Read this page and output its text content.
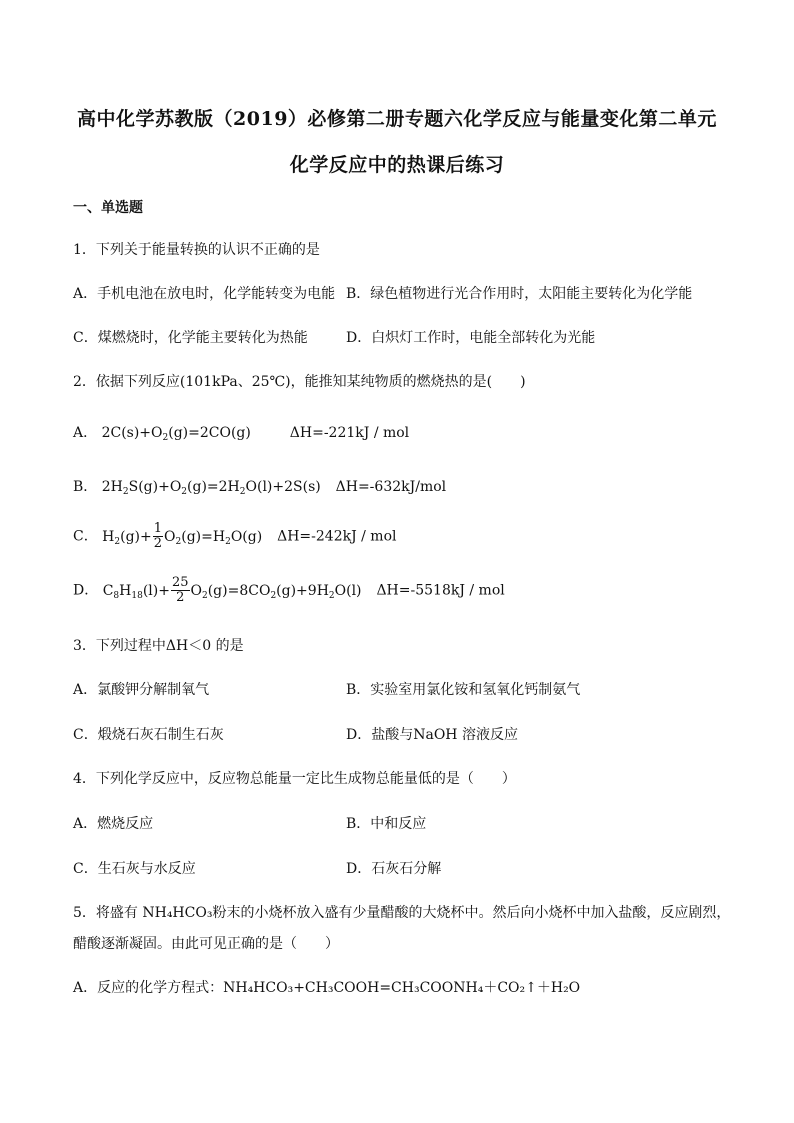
高中化学苏教版（2019）必修第二册专题六化学反应与能量变化第二单元
化学反应中的热课后练习
一、单选题
1．下列关于能量转换的认识不正确的是
A．手机电池在放电时，化学能转变为电能 B．绿色植物进行光合作用时，太阳能主要转化为化学能
C．煤燃烧时，化学能主要转化为热能	D．白炽灯工作时，电能全部转化为光能
2．依据下列反应(101kPa、25℃)，能推知某纯物质的燃烧热的是(　　)
A． $2C(s)+O_2(g)=2CO(g)$	ΔH=-221kJ / mol
B． $2H_2S(g)+O_2(g)=2H_2O(l)+2S(s)$ ΔH=-632kJ/mol
C． $H_2(g)+ \frac{1}{2} O_2(g)=H_2O(g)$ ΔH=-242kJ / mol
D． $C_8H_{18}(l)+ \frac{25}{2} O_2(g)=8CO_2(g)+9H_2O(l)$ ΔH=-5518kJ / mol
3．下列过程中ΔH＜0 的是
A．氯酸钾分解制氧气	B．实验室用氯化铵和氢氧化钙制氨气
C．煅烧石灰石制生石灰	D．盐酸与NaOH 溶液反应
4．下列化学反应中，反应物总能量一定比生成物总能量低的是（　　）
A．燃烧反应	B．中和反应
C．生石灰与水反应	D．石灰石分解
5．将盛有 NH₄HCO₃粉末的小烧杯放入盛有少量醋酸的大烧杯中。然后向小烧杯中加入盐酸，反应剧烈，
醋酸逐渐凝固。由此可见正确的是（　　）
A．反应的化学方程式：NH₄HCO₃+CH₃COOH=CH₃COONH₄＋CO₂↑＋H₂O
